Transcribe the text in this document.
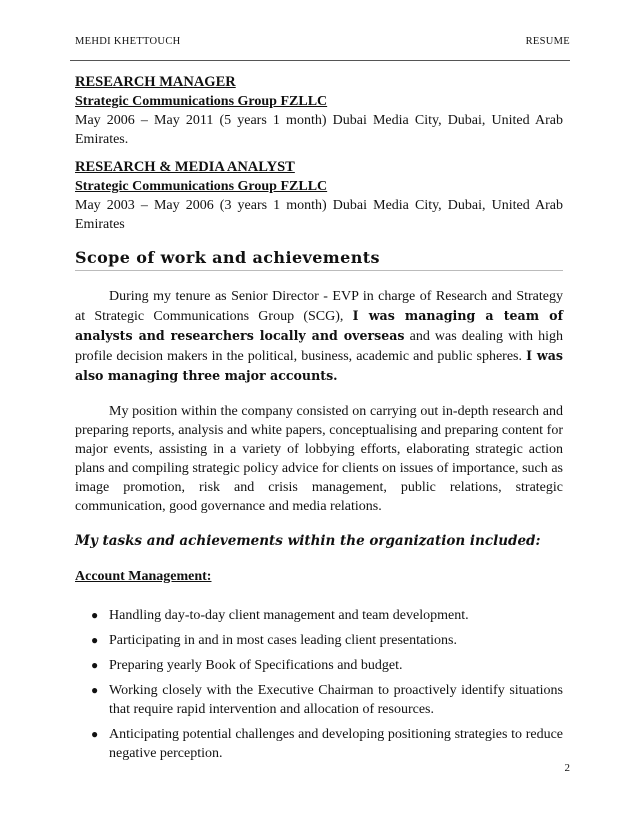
MEHDI KHETTOUCH	RESUME
RESEARCH MANAGER
Strategic Communications Group FZLLC
May 2006 – May 2011 (5 years 1 month) Dubai Media City, Dubai, United Arab Emirates.
RESEARCH & MEDIA ANALYST
Strategic Communications Group FZLLC
May 2003 – May 2006 (3 years 1 month) Dubai Media City, Dubai, United Arab Emirates
Scope of work and achievements

During my tenure as Senior Director - EVP in charge of Research and Strategy at Strategic Communications Group (SCG), I was managing a team of analysts and researchers locally and overseas and was dealing with high profile decision makers in the political, business, academic and public spheres. I was also managing three major accounts.

My position within the company consisted on carrying out in-depth research and preparing reports, analysis and white papers, conceptualising and preparing content for major events, assisting in a variety of lobbying efforts, elaborating strategic action plans and compiling strategic policy advice for clients on issues of importance, such as image promotion, risk and crisis management, public relations, strategic communication, good governance and media relations.

My tasks and achievements within the organization included:
Account Management:
● Handling day-to-day client management and team development.
● Participating in and in most cases leading client presentations.
● Preparing yearly Book of Specifications and budget.
● Working closely with the Executive Chairman to proactively identify situations that require rapid intervention and allocation of resources.
● Anticipating potential challenges and developing positioning strategies to reduce negative perception.
2
